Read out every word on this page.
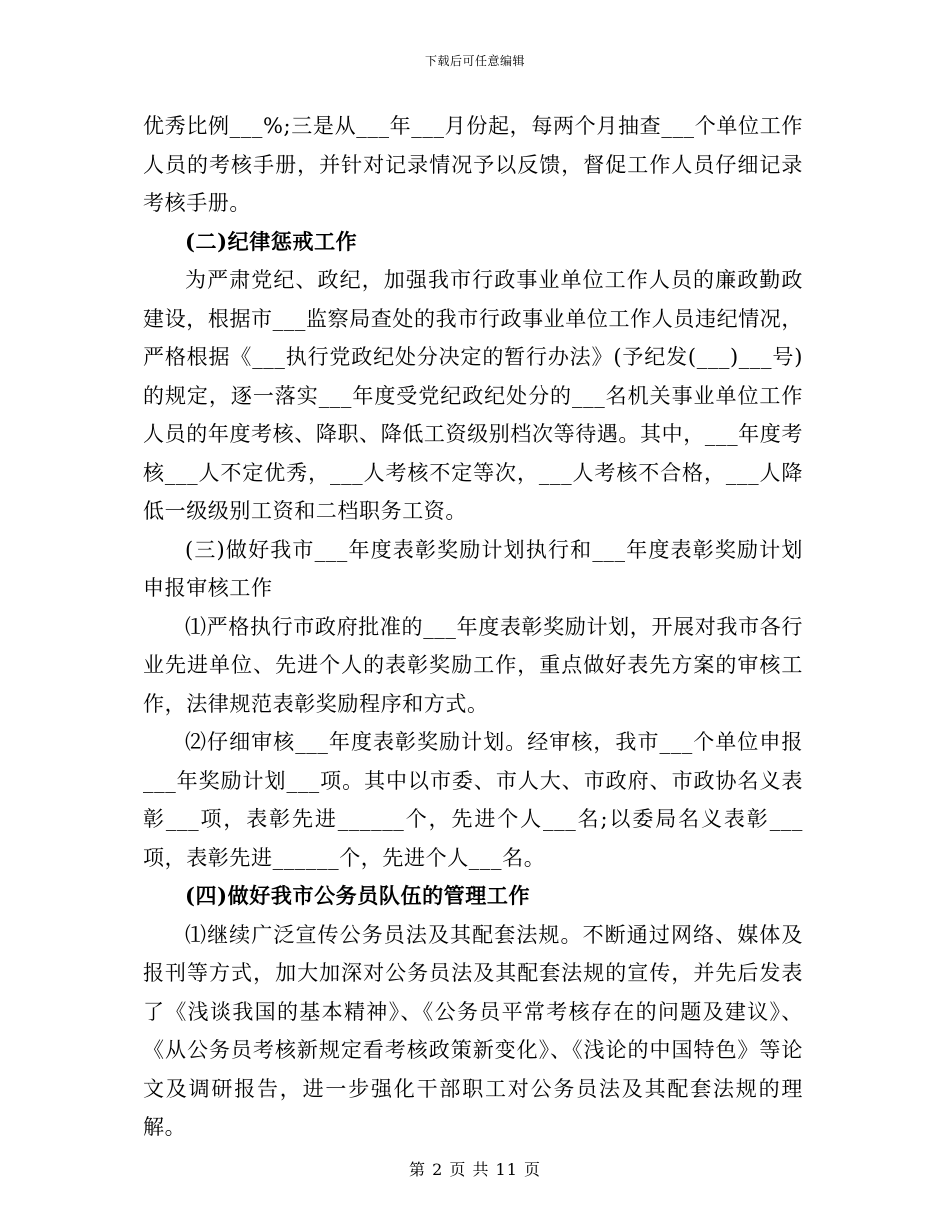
下载后可任意编辑

优秀比例___%;三是从___年___月份起，每两个月抽查___个单位工作人员的考核手册，并针对记录情况予以反馈，督促工作人员仔细记录考核手册。

(二)纪律惩戒工作

为严肃党纪、政纪，加强我市行政事业单位工作人员的廉政勤政建设，根据市___监察局查处的我市行政事业单位工作人员违纪情况，严格根据《___执行党政纪处分决定的暂行办法》(予纪发(___)___号)的规定，逐一落实___年度受党纪政纪处分的___名机关事业单位工作人员的年度考核、降职、降低工资级别档次等待遇。其中，___年度考核___人不定优秀，___人考核不定等次，___人考核不合格，___人降低一级级别工资和二档职务工资。

(三)做好我市___年度表彰奖励计划执行和___年度表彰奖励计划申报审核工作

⑴严格执行市政府批准的___年度表彰奖励计划，开展对我市各行业先进单位、先进个人的表彰奖励工作，重点做好表先方案的审核工作，法律规范表彰奖励程序和方式。

⑵仔细审核___年度表彰奖励计划。经审核，我市___个单位申报___年奖励计划___项。其中以市委、市人大、市政府、市政协名义表彰___项，表彰先进______个，先进个人___名;以委局名义表彰___项，表彰先进______个，先进个人___名。

(四)做好我市公务员队伍的管理工作

⑴继续广泛宣传公务员法及其配套法规。不断通过网络、媒体及报刊等方式，加大加深对公务员法及其配套法规的宣传，并先后发表了《浅谈我国的基本精神》、《公务员平常考核存在的问题及建议》、《从公务员考核新规定看考核政策新变化》、《浅论的中国特色》等论文及调研报告，进一步强化干部职工对公务员法及其配套法规的理解。

第 2 页 共 11 页
